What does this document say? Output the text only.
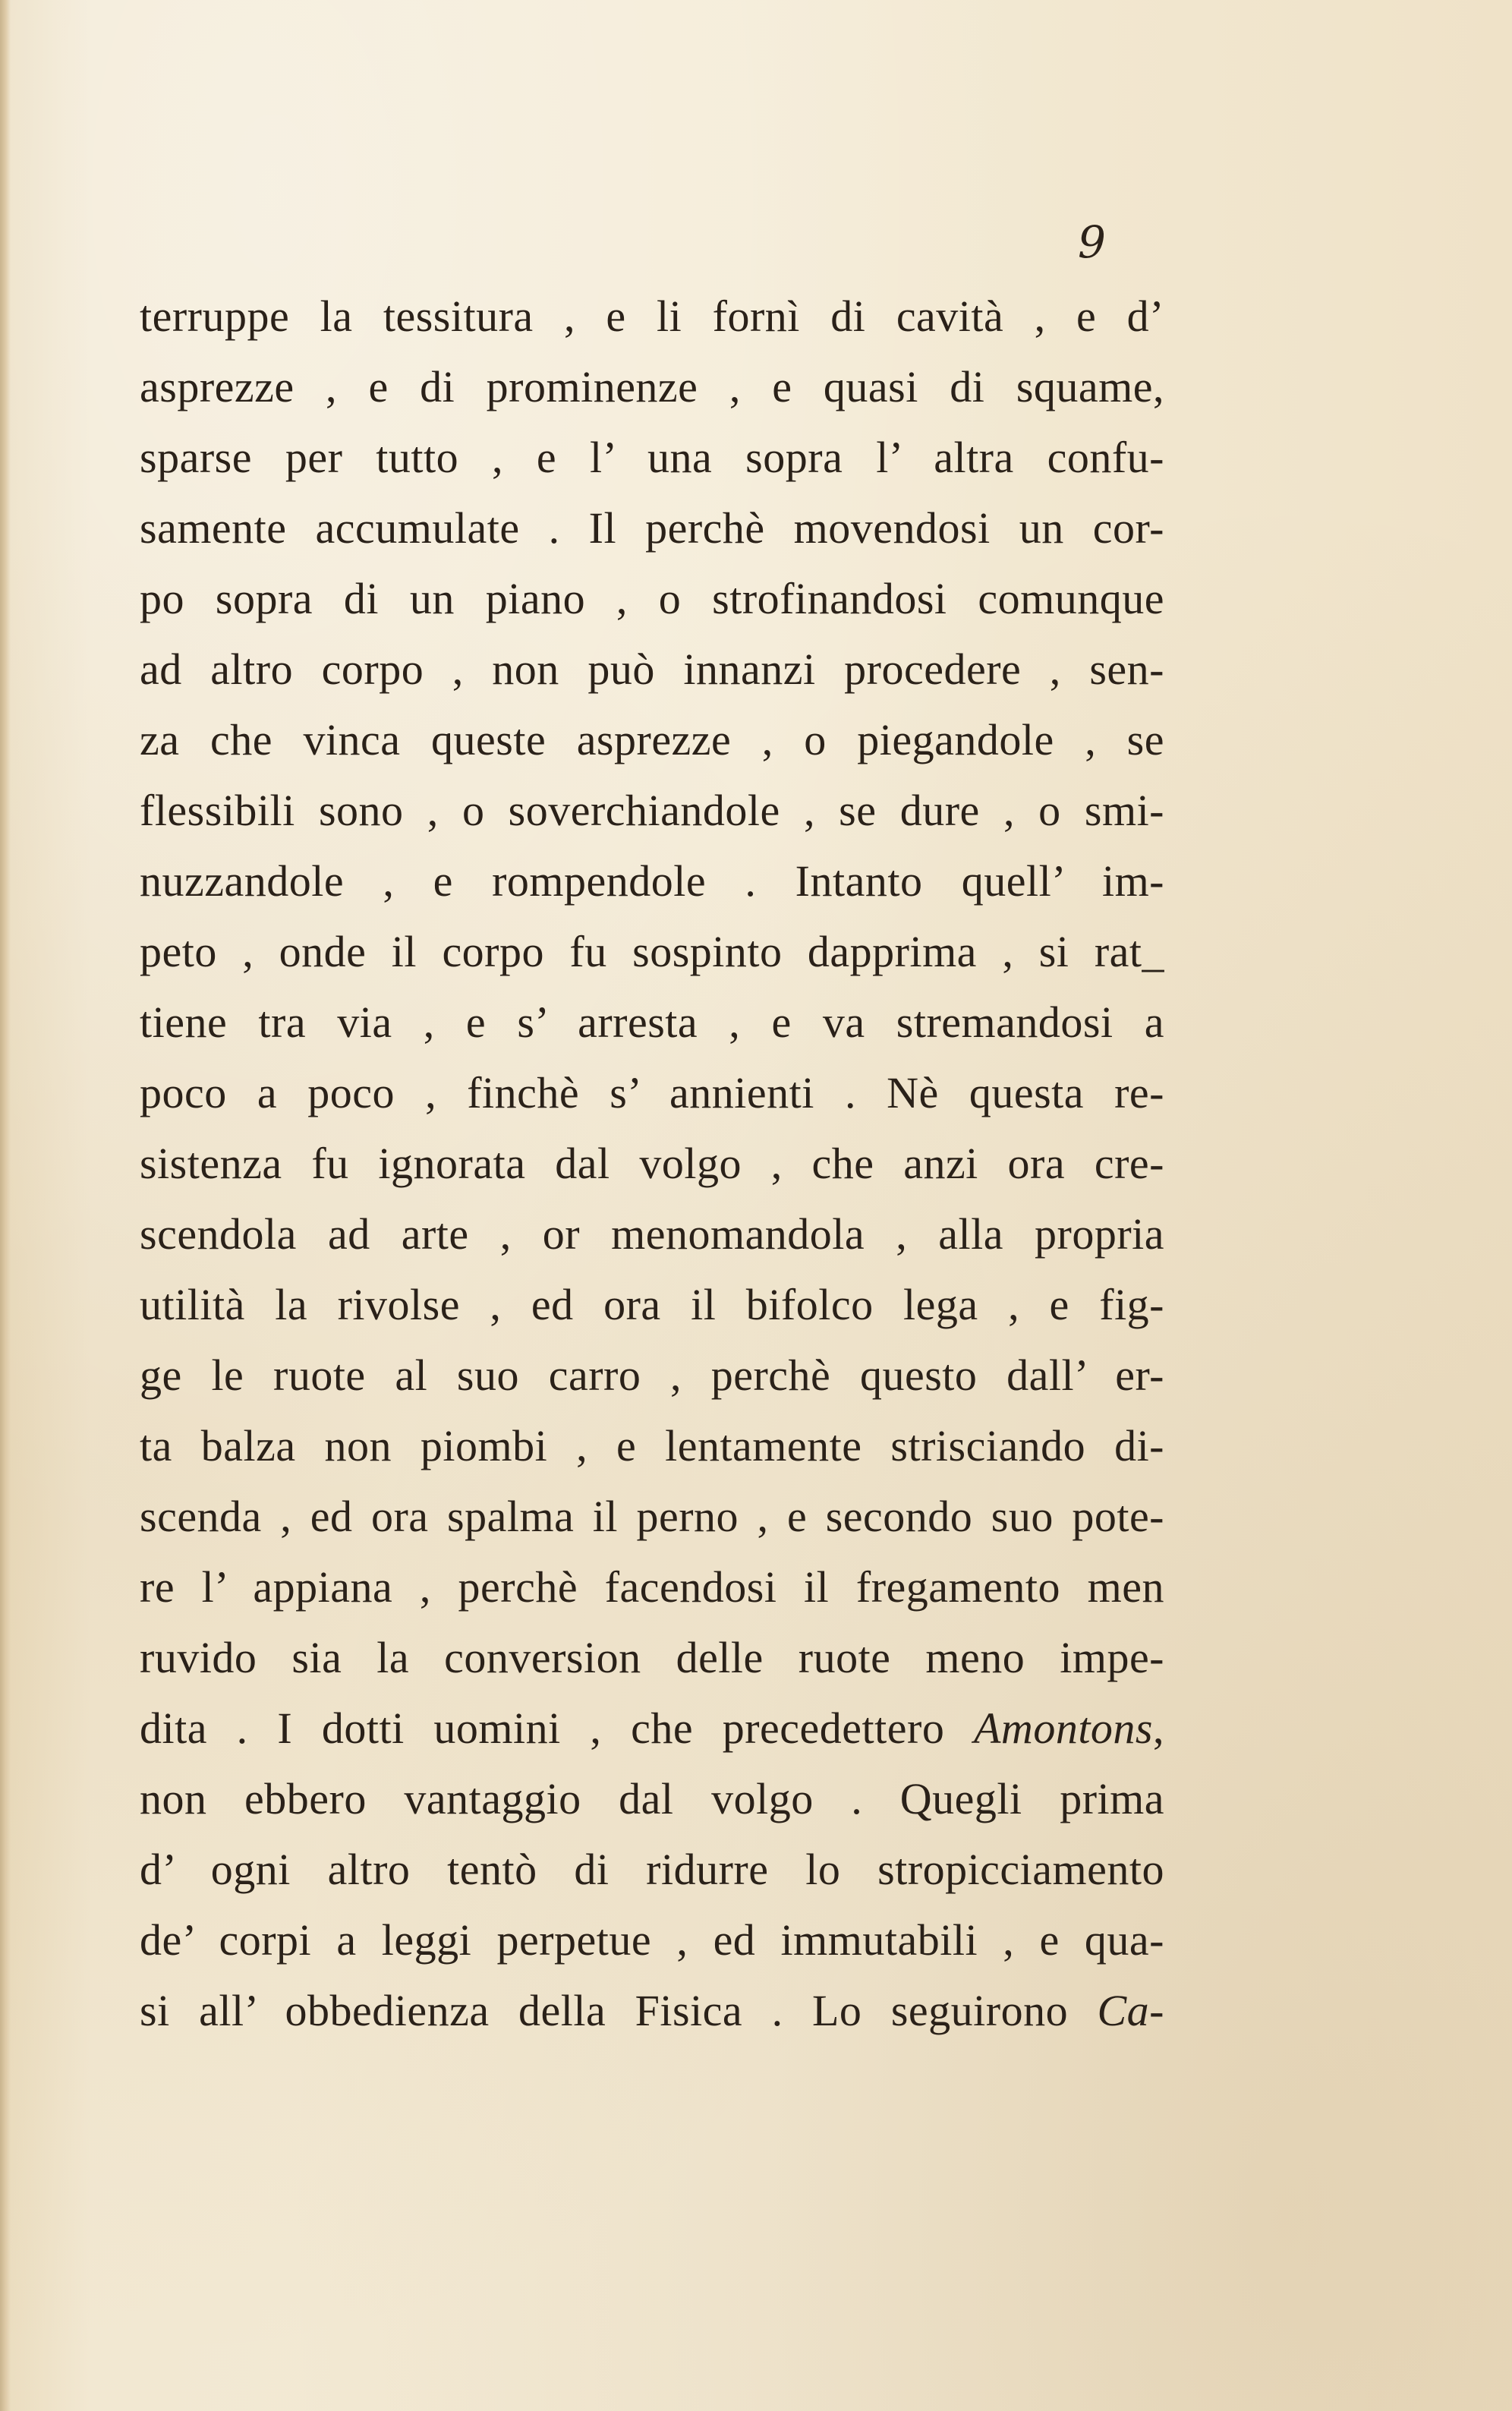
9
terruppe la tessitura , e li fornì di cavità , e d’
asprezze , e di prominenze , e quasi di squame,
sparse per tutto , e l’ una sopra l’ altra confu-
samente accumulate . Il perchè movendosi un cor-
po sopra di un piano , o strofinandosi comunque
ad altro corpo , non può innanzi procedere , sen-
za che vinca queste asprezze , o piegandole , se
flessibili sono , o soverchiandole , se dure , o smi-
nuzzandole , e rompendole . Intanto quell’ im-
peto , onde il corpo fu sospinto dapprima , si rat_
tiene tra via , e s’ arresta , e va stremandosi a
poco a poco , finchè s’ annienti . Nè questa re-
sistenza fu ignorata dal volgo , che anzi ora cre-
scendola ad arte , or menomandola , alla propria
utilità la rivolse , ed ora il bifolco lega , e fig-
ge le ruote al suo carro , perchè questo dall’ er-
ta balza non piombi , e lentamente strisciando di-
scenda , ed ora spalma il perno , e secondo suo pote-
re l’ appiana , perchè facendosi il fregamento men
ruvido sia la conversion delle ruote meno impe-
dita . I dotti uomini , che precedettero Amontons,
non ebbero vantaggio dal volgo . Quegli prima
d’ ogni altro tentò di ridurre lo stropicciamento
de’ corpi a leggi perpetue , ed immutabili , e qua-
si all’ obbedienza della Fisica . Lo seguirono Ca-
